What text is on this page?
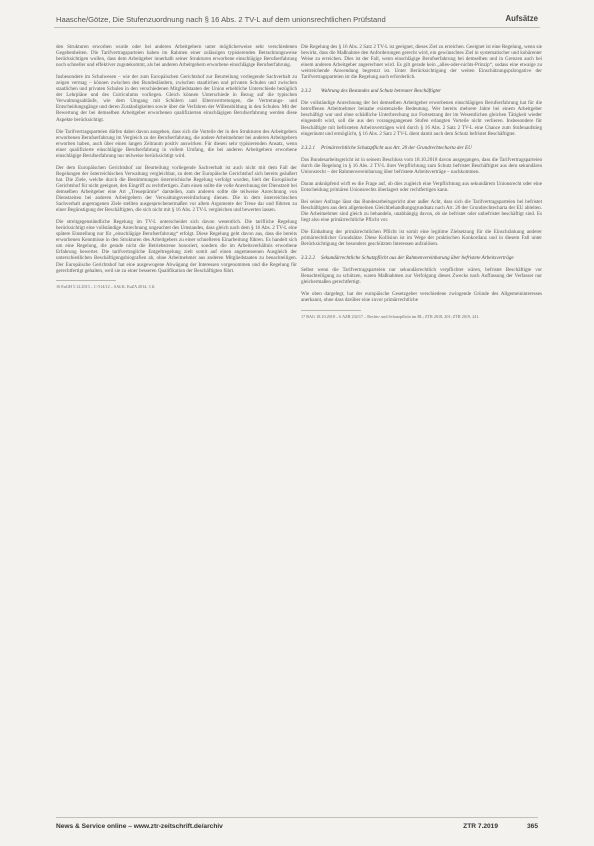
Haasche/Götze, Die Stufenzuordnung nach § 16 Abs. 2 TV-L auf dem unionsrechtlichen Prüfstand	Aufsätze

den Strukturen erworben wurde oder bei anderen Arbeitgebern unter möglicherweise sehr verschiedenen Gegebenheiten. Die Tarifvertragsparteien haben im Rahmen einer zulässigen typisierenden Betrachtungsweise berücksichtigen wollen, dass dem Arbeitgeber innerhalb seiner Strukturen erworbene einschlägige Berufserfahrung noch schneller und effektiver zugutekommt, als bei anderen Arbeitgebern erworbene einschlägige Berufserfahrung.

Insbesondere im Schulwesen – wie der zum Europäischen Gerichtshof zur Beurteilung vorliegende Sachverhalt zu zeigen vermag – können zwischen den Bundesländern, zwischen staatlichen und privaten Schulen und zwischen staatlichen und privaten Schulen in den verschiedenen Mitgliedstaaten der Union erhebliche Unterschiede bezüglich der Lehrpläne und des Curriculums vorliegen. Gleich können Unterschiede in Bezug auf die typischen Verwaltungsabläufe, wie dem Umgang mit Schülern und Elternvertretungen, die Vertretungs- und Entscheidungsgänge und deren Zuständigkeiten sowie über die Verfahren der Willensbildung in den Schulen. Mit der Bewertung der bei demselben Arbeitgeber erworbenen qualifizierten einschlägigen Berufserfahrung werden diese Aspekte berücksichtigt.

Die Tarifvertragsparteien dürfen dabei davon ausgehen, dass sich die Vorteile der in den Strukturen des Arbeitgebers erworbenen Berufserfahrung im Vergleich zu der Berufserfahrung, die andere Arbeitnehmer bei anderen Arbeitgebern erworben haben, auch über einen langen Zeitraum positiv auswirken. Für diesen sehr typisierenden Ansatz, wenn einer qualifizierte einschlägige Berufserfahrung in vollem Umfang, die bei anderen Arbeitgebern erworbene einschlägige Berufserfahrung nur teilweise berücksichtigt wird.

Der dem Europäischen Gerichtshof zur Beurteilung vorliegende Sachverhalt ist auch nicht mit dem Fall der Regelungen der österreichischen Verwaltung vergleichbar, zu dem der Europäische Gerichtshof sich bereits geäußert hat. Die Ziele, welche durch die Bestimmungen österreichische Regelung verfolgt wurden, hielt der Europäische Gerichtshof für nicht geeignet, den Eingriff zu rechtfertigen. Zum einen sollte die volle Anrechnung der Dienstzeit bei demselben Arbeitgeber eine Art „Treueprämie“ darstellen, zum anderen sollte die teilweise Anrechnung von Dienstzeiten bei anderen Arbeitgebern der Verwaltungsvereinfachung dienen. Die in dem österreichischen Sachverhalt angetragenen Ziele stellten ausgesprochenermaßen vor allem Argumente der Treue dar und führten zu einer Begünstigung der Beschäftigten, die sich nicht mit § 16 Abs. 2 TV-L vergleichen und bewerten lassen.

Die streitgegenständliche Regelung im TV-L unterscheidet sich davon wesentlich. Die tarifliche Regelung berücksichtigt eine vollständige Anrechnung ungeachtet des Umstandes, dass gleich nach dem § 16 Abs. 2 TV-L eine spätere Einstellung nur für „einschlägige Berufserfahrung“ erfolgt. Diese Regelung geht davon aus, dass die bereits erworbenen Kenntnisse in den Strukturen des Arbeitgebers zu einer schnelleren Einarbeitung führen. Es handelt sich um eine Regelung, die gerade nicht die Betriebstreue honoriert, sondern die im Arbeitsverhältnis erworbene Erfahrung bewertet. Die tarifvertragliche Entgeltregelung zielt somit auf einen angemessenen Ausgleich der unterschiedlichen Beschäftigungsbiografien ab, ohne Arbeitnehmer aus anderen Mitgliedstaaten zu benachteiligen. Der Europäische Gerichtshof hat eine ausgewogene Abwägung der Interessen vorgenommen und die Regelung für gerechtfertigt gehalten, weil sie zu einer besseren Qualifikation der Beschäftigten führt.

16 EuGH 5.12.2013 – C-514/12 – SALK, EuZA 2014, 3 ff.

Die Regelung des § 16 Abs. 2 Satz 2 TV-L ist geeignet, dieses Ziel zu erreichen. Geeignet ist eine Regelung, wenn sie bewirkt, dass die Maßnahme den Anforderungen gerecht wird, ein gewünschtes Ziel in systematischer und kohärenter Weise zu erreichen. Dies ist der Fall, wenn einschlägige Berufserfahrung bei demselben und in Grenzen auch bei einem anderen Arbeitgeber angerechnet wird. Es gilt gerade kein „alles-oder-nichts-Prinzip“, sodass eine etwaige zu weitreichende Anwendung begrenzt ist. Unter Berücksichtigung der weiten Einschätzungsprärogative der Tarifvertragsparteien ist die Regelung auch erforderlich.

3.3.2 Wahrung des Bestandes und Schutz betreuter Beschäftigter

Die vollständige Anrechnung der bei demselben Arbeitgeber erworbenen einschlägigen Berufserfahrung hat für die betroffenen Arbeitnehmer beinahe existenzielle Bedeutung. Wer bereits mehrere Jahre bei einem Arbeitgeber beschäftigt war und ohne schädliche Unterbrechung zur Fortsetzung der im Wesentlichen gleichen Tätigkeit wieder eingestellt wird, soll die aus den vorangegangenen Stufen erlangten Vorteile nicht verlieren. Insbesondere für Beschäftigte mit befristeten Arbeitsverträgen wird durch § 16 Abs. 2 Satz 2 TV-L eine Chance zum Stufenaufstieg eingeräumt und ermöglicht, § 16 Abs. 2 Satz 2 TV-L dient damit auch dem Schutz befristet Beschäftigter.

3.3.2.1 Primärrechtliche Schutzpflicht aus Art. 20 der Grundrechtecharta der EU

Das Bundesarbeitsgericht ist in seinem Beschluss vom 18.10.2018 davon ausgegangen, dass die Tarifvertragsparteien durch die Regelung in § 16 Abs. 2 TV-L ihrer Verpflichtung zum Schutz befristet Beschäftigter aus dem sekundären Unionsrecht – der Rahmenvereinbarung über befristete Arbeitsverträge – nachkommen.

Daran anknüpfend wirft es die Frage auf, ob dies zugleich eine Verpflichtung aus sekundärem Unionsrecht oder eine Entscheidung primären Unionsrechts überlagert oder rechtfertigen kann.

Bei seiner Anfrage lässt das Bundesarbeitsgericht aber außer Acht, dass sich die Tarifvertragsparteien bei befristet Beschäftigten aus dem allgemeinen Gleichbehandlungsgrundsatz nach Art. 20 der Grundrechtecharta der EU ableiten. Die Arbeitnehmer sind gleich zu behandeln, unabhängig davon, ob sie befristet oder unbefristet beschäftigt sind. Es liegt also eine primärrechtliche Pflicht vor.

Die Einhaltung der primärrechtlichen Pflicht ist somit eine legitime Zielsetzung für die Einschränkung anderer primärrechtlicher Grundsätze. Diese Kollision ist im Wege der praktischen Konkordanz und in diesem Fall unter Berücksichtigung der besonders geschützten Interessen aufzulösen.

3.3.2.2 Sekundärrechtliche Schutzpflicht aus der Rahmenvereinbarung über befristete Arbeitsverträge

Selbst wenn die Tarifvertragsparteien nur sekundärrechtlich verpflichtet wären, befristet Beschäftigte vor Benachteiligung zu schützen, waren Maßnahmen zur Verfolgung dieses Zwecks nach Auffassung der Verfasser nur gleichermaßen gerechtfertigt.

Wie oben dargelegt, hat der europäische Gesetzgeber verschiedene zwingende Gründe des Allgemeininteresses anerkannt, ohne dass darüber eine zuvor primärrechtliche

17 BAG 18.10.2018 – 6 AZR 232/17 – Rechts- und Schutzpflicht im RL; ZTR 2018, 201; ZTR 2019, 241.
News & Service online – www.ztr-zeitschrift.de/archiv	ZTR 7.2019	365
